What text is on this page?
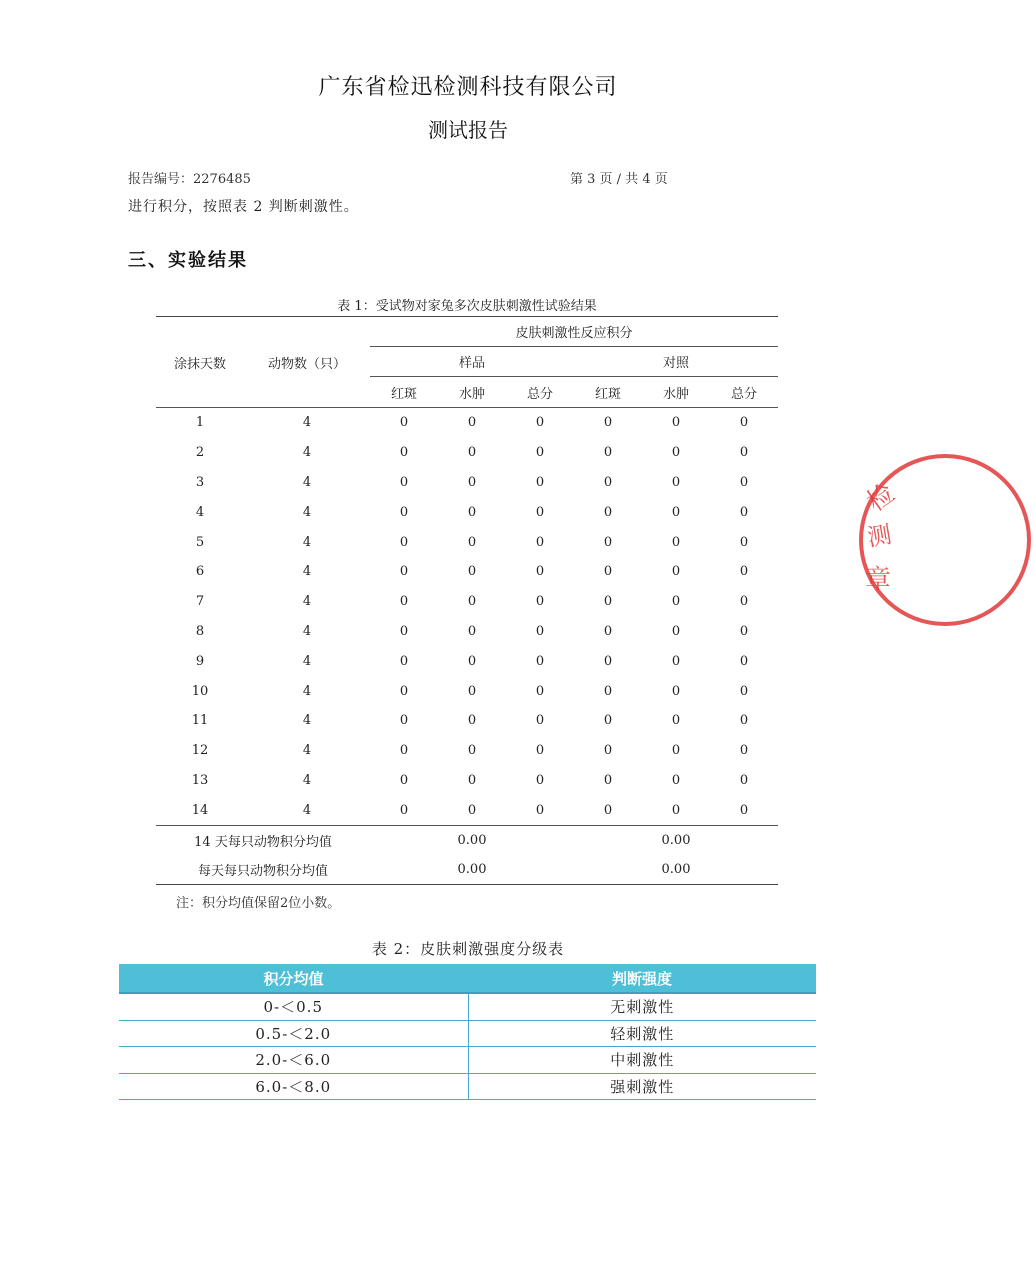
广东省检迅检测科技有限公司
测试报告
报告编号：2276485	第 3 页 / 共 4 页
进行积分，按照表 2 判断刺激性。
三、实验结果
表 1：受试物对家兔多次皮肤刺激性试验结果
涂抹天数	动物数（只）	皮肤刺激性反应积分					
		样品			对照		
		红斑	水肿	总分	红斑	水肿	总分
1	4	0	0	0	0	0	0
2	4	0	0	0	0	0	0
3	4	0	0	0	0	0	0
4	4	0	0	0	0	0	0
5	4	0	0	0	0	0	0
6	4	0	0	0	0	0	0
7	4	0	0	0	0	0	0
8	4	0	0	0	0	0	0
9	4	0	0	0	0	0	0
10	4	0	0	0	0	0	0
11	4	0	0	0	0	0	0
12	4	0	0	0	0	0	0
13	4	0	0	0	0	0	0
14	4	0	0	0	0	0	0
14 天每只动物积分均值		0.00			0.00		
每天每只动物积分均值		0.00			0.00		
注：积分均值保留2位小数。
表 2：皮肤刺激强度分级表
积分均值	判断强度
0-＜0.5	无刺激性
0.5-＜2.0	轻刺激性
2.0-＜6.0	中刺激性
6.0-＜8.0	强刺激性
检
测
章
